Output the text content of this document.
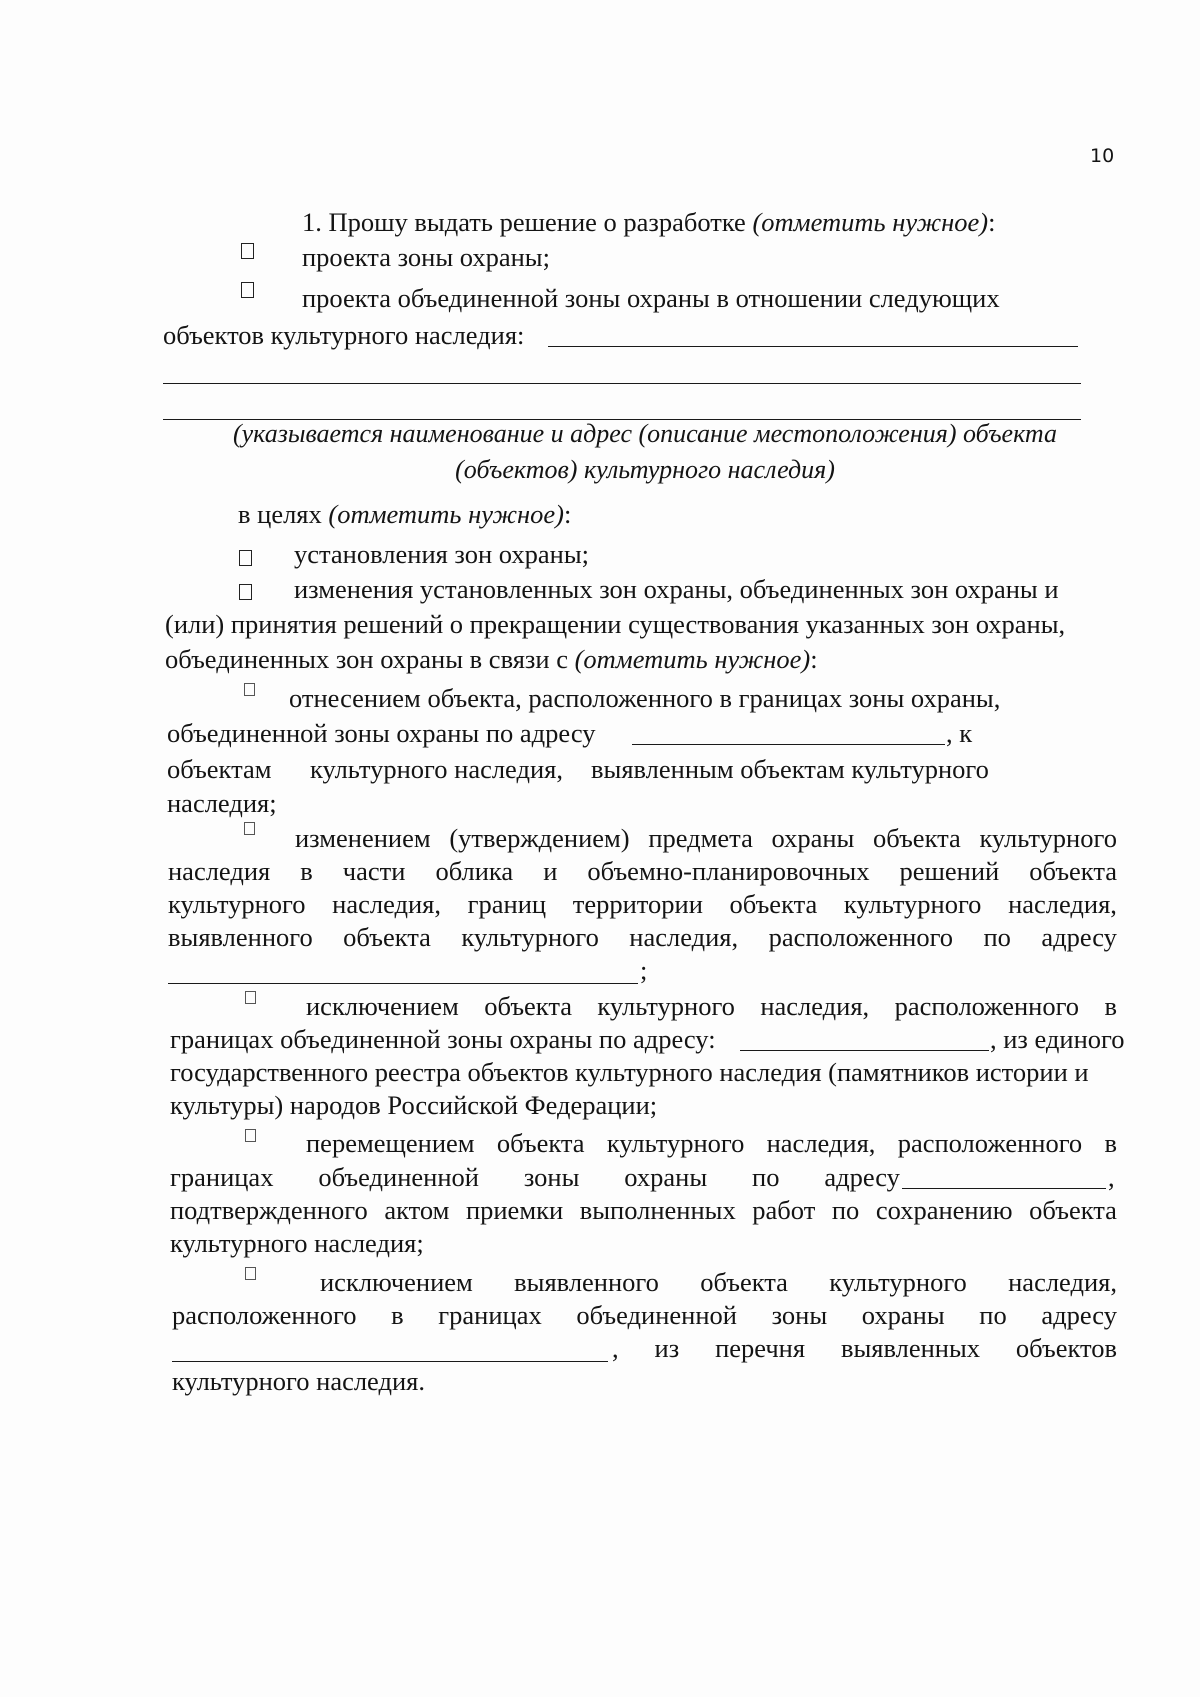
10
1. Прошу выдать решение о разработке (отметить нужное):
проекта зоны охраны;
проекта объединенной зоны охраны в отношении следующих
объектов культурного наследия:
(указывается наименование и адрес (описание местоположения) объекта
(объектов) культурного наследия)
в целях (отметить нужное):
установления зон охраны;
изменения установленных зон охраны, объединенных зон охраны и
(или) принятия решений о прекращении существования указанных зон охраны,
объединенных зон охраны в связи с (отметить нужное):
отнесением объекта, расположенного в границах зоны охраны,
объединенной зоны охраны по адресу	, к
объектам культурного наследия, выявленным объектам культурного
наследия;
изменением (утверждением) предмета охраны объекта культурного
наследия в части облика и объемно-планировочных решений объекта
культурного наследия, границ территории объекта культурного наследия,
выявленного объекта культурного наследия, расположенного по адресу
;
исключением объекта культурного наследия, расположенного в
границах объединенной зоны охраны по адресу:	, из единого
государственного реестра объектов культурного наследия (памятников истории и
культуры) народов Российской Федерации;
перемещением объекта культурного наследия, расположенного в
границах объединенной зоны охраны по адресу	,
подтвержденного актом приемки выполненных работ по сохранению объекта
культурного наследия;
исключением выявленного объекта культурного наследия,
расположенного в границах объединенной зоны охраны по адресу
, из перечня выявленных объектов
культурного наследия.
